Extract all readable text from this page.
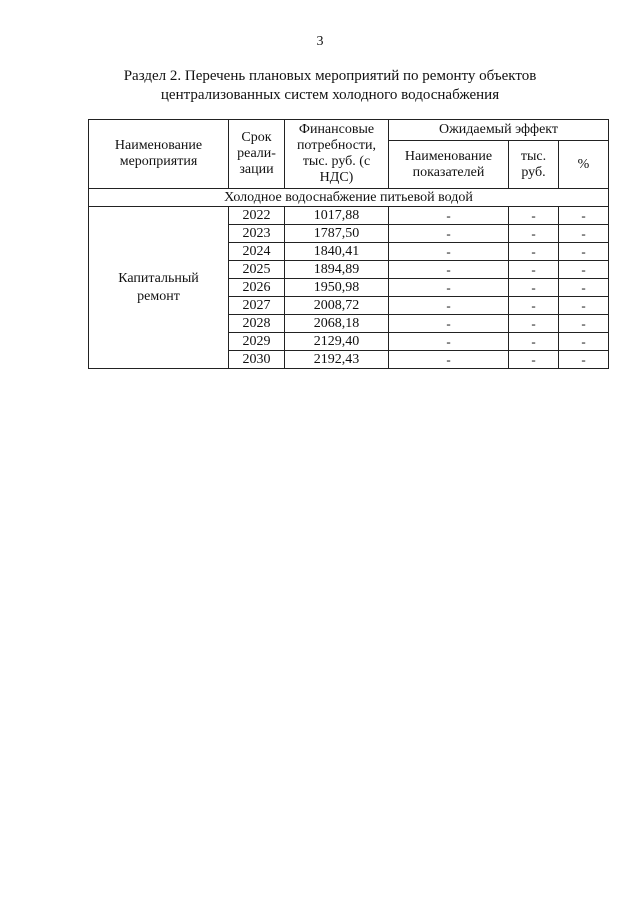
3
Раздел 2. Перечень плановых мероприятий по ремонту объектов
централизованных систем холодного водоснабжения
Наименование мероприятия	Срок реали- зации	Финансовые потребности, тыс. руб. (с НДС)	Ожидаемый эффект		
			Наименование показателей	тыс. руб.	%
Холодное водоснабжение питьевой водой					
Капитальный ремонт	2022	1017,88	-	-	-
	2023	1787,50	-	-	-
	2024	1840,41	-	-	-
	2025	1894,89	-	-	-
	2026	1950,98	-	-	-
	2027	2008,72	-	-	-
	2028	2068,18	-	-	-
	2029	2129,40	-	-	-
	2030	2192,43	-	-	-
